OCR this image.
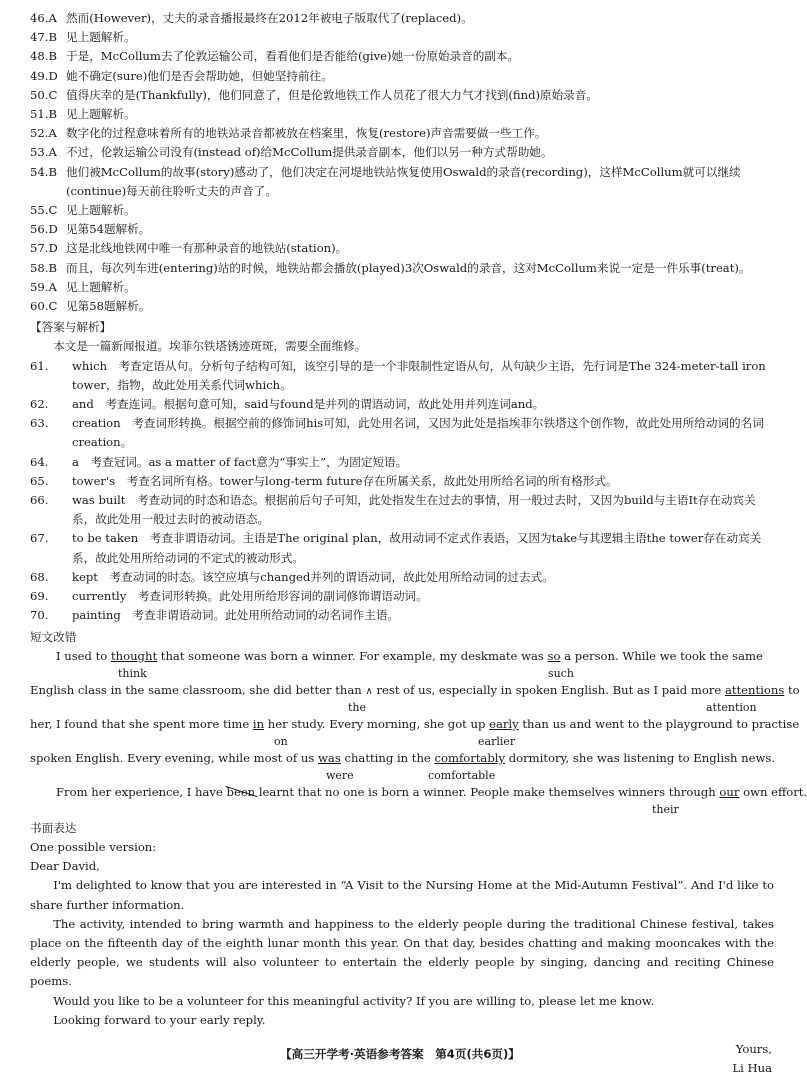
46.A 然而(However)，丈夫的录音播报最终在2012年被电子版取代了(replaced)。
47.B 见上题解析。
48.B 于是，McCollum去了伦敦运输公司，看看他们是否能给(give)她一份原始录音的副本。
49.D 她不确定(sure)他们是否会帮助她，但她坚持前往。
50.C 值得庆幸的是(Thankfully)，他们同意了，但是伦敦地铁工作人员花了很大力气才找到(find)原始录音。
51.B 见上题解析。
52.A 数字化的过程意味着所有的地铁站录音都被放在档案里，恢复(restore)声音需要做一些工作。
53.A 不过，伦敦运输公司没有(instead of)给McCollum提供录音副本，他们以另一种方式帮助她。
54.B 他们被McCollum的故事(story)感动了，他们决定在河堤地铁站恢复使用Oswald的录音(recording)，这样McCollum就可以继续(continue)每天前往聆听丈夫的声音了。
55.C 见上题解析。
56.D 见第54题解析。
57.D 这是北线地铁网中唯一有那种录音的地铁站(station)。
58.B 而且，每次列车进(entering)站的时候，地铁站都会播放(played)3次Oswald的录音，这对McCollum来说一定是一件乐事(treat)。
59.A 见上题解析。
60.C 见第58题解析。
【答案与解析】
本文是一篇新闻报道。埃菲尔铁塔锈迹斑斑，需要全面维修。
61.	which　考查定语从句。分析句子结构可知，该空引导的是一个非限制性定语从句，从句缺少主语，先行词是The 324-meter-tall iron tower，指物，故此处用关系代词which。
62.	and　考查连词。根据句意可知，said与found是并列的谓语动词，故此处用并列连词and。
63.	creation　考查词形转换。根据空前的修饰词his可知，此处用名词，又因为此处是指埃菲尔铁塔这个创作物，故此处用所给动词的名词creation。
64.	a　考查冠词。as a matter of fact意为“事实上”，为固定短语。
65.	tower's　考查名词所有格。tower与long-term future存在所属关系，故此处用所给名词的所有格形式。
66.	was built　考查动词的时态和语态。根据前后句子可知，此处指发生在过去的事情，用一般过去时，又因为build与主语It存在动宾关系，故此处用一般过去时的被动语态。
67.	to be taken　考查非谓语动词。主语是The original plan，故用动词不定式作表语，又因为take与其逻辑主语the tower存在动宾关系，故此处用所给动词的不定式的被动形式。
68.	kept　考查动词的时态。该空应填与changed并列的谓语动词，故此处用所给动词的过去式。
69.	currently　考查词形转换。此处用所给形容词的副词修饰谓语动词。
70.	painting　考查非谓语动词。此处用所给动词的动名词作主语。
短文改错
I used to thought that someone was born a winner. For example, my deskmate was so a person. While we took the same
think	such
English class in the same classroom, she did better than ∧ rest of us, especially in spoken English. But as I paid more attentions to
the	attention
her, I found that she spent more time in her study. Every morning, she got up early than us and went to the playground to practise
on	earlier
spoken English. Every evening, while most of us was chatting in the comfortably dormitory, she was listening to English news.
were	comfortable
From her experience, I have been learnt that no one is born a winner. People make themselves winners through our own effort.
their
书面表达
One possible version:
Dear David,

I'm delighted to know that you are interested in “A Visit to the Nursing Home at the Mid-Autumn Festival”. And I'd like to share further information.

The activity, intended to bring warmth and happiness to the elderly people during the traditional Chinese festival, takes place on the fifteenth day of the eighth lunar month this year. On that day, besides chatting and making mooncakes with the elderly people, we students will also volunteer to entertain the elderly people by singing, dancing and reciting Chinese poems.

Would you like to be a volunteer for this meaningful activity? If you are willing to, please let me know.

Looking forward to your early reply.

Yours,
Li Hua
【高三开学考·英语参考答案　第4页(共6页)】
